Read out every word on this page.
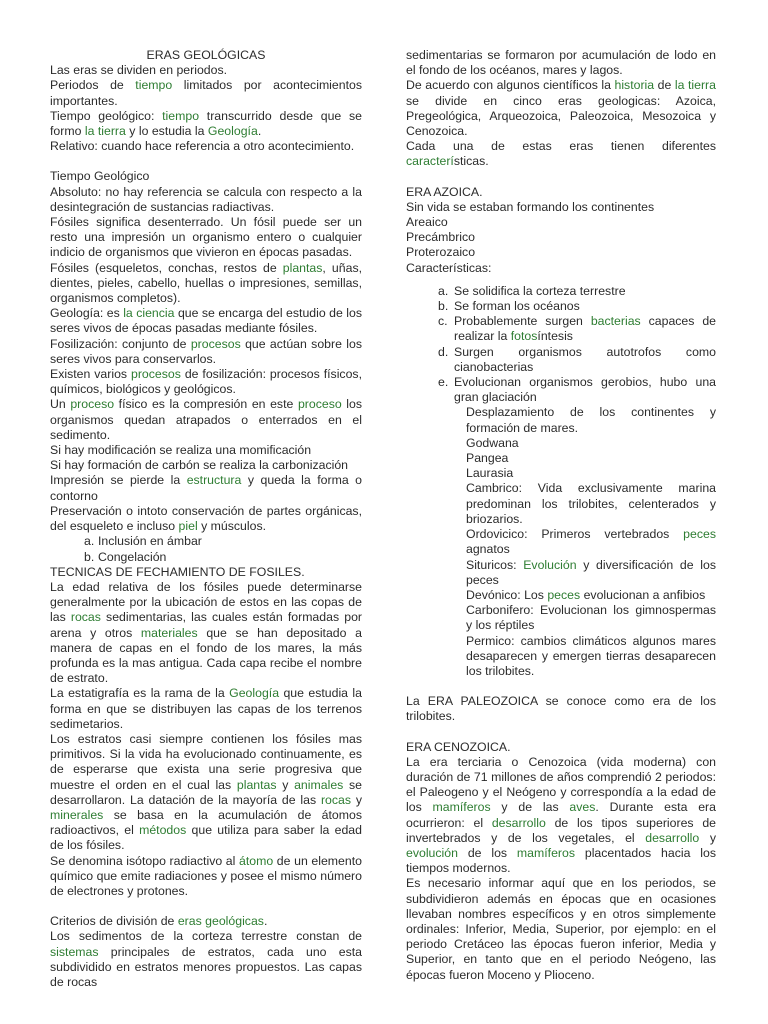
ERAS GEOLÓGICAS

Las eras se dividen en periodos.

Periodos de tiempo limitados por acontecimientos importantes.

Tiempo geológico: tiempo transcurrido desde que se formo la tierra y lo estudia la Geología.

Relativo: cuando hace referencia a otro acontecimiento.

Tiempo Geológico

Absoluto: no hay referencia se calcula con respecto a la desintegración de sustancias radiactivas.

Fósiles significa desenterrado. Un fósil puede ser un resto una impresión un organismo entero o cualquier indicio de organismos que vivieron en épocas pasadas.

Fósiles (esqueletos, conchas, restos de plantas, uñas, dientes, pieles, cabello, huellas o impresiones, semillas, organismos completos).

Geología: es la ciencia que se encarga del estudio de los seres vivos de épocas pasadas mediante fósiles.

Fosilización: conjunto de procesos que actúan sobre los seres vivos para conservarlos.

Existen varios procesos de fosilización: procesos físicos, químicos, biológicos y geológicos.

Un proceso físico es la compresión en este proceso los organismos quedan atrapados o enterrados en el sedimento.

Si hay modificación se realiza una momificación

Si hay formación de carbón se realiza la carbonización

Impresión se pierde la estructura y queda la forma o contorno

Preservación o intoto conservación de partes orgánicas, del esqueleto e incluso piel y músculos.

a. Inclusión en ámbar
b. Congelación

TECNICAS DE FECHAMIENTO DE FOSILES.

La edad relativa de los fósiles puede determinarse generalmente por la ubicación de estos en las copas de las rocas sedimentarias, las cuales están formadas por arena y otros materiales que se han depositado a manera de capas en el fondo de los mares, la más profunda es la mas antigua. Cada capa recibe el nombre de estrato.

La estatigrafía es la rama de la Geología que estudia la forma en que se distribuyen las capas de los terrenos sedimetarios.

Los estratos casi siempre contienen los fósiles mas primitivos. Si la vida ha evolucionado continuamente, es de esperarse que exista una serie progresiva que muestre el orden en el cual las plantas y animales se desarrollaron. La datación de la mayoría de las rocas y minerales se basa en la acumulación de átomos radioactivos, el métodos que utiliza para saber la edad de los fósiles.

Se denomina isótopo radiactivo al átomo de un elemento químico que emite radiaciones y posee el mismo número de electrones y protones.

Criterios de división de eras geológicas.

Los sedimentos de la corteza terrestre constan de sistemas principales de estratos, cada uno esta subdividido en estratos menores propuestos. Las capas de rocas

sedimentarias se formaron por acumulación de lodo en el fondo de los océanos, mares y lagos.

De acuerdo con algunos científicos la historia de la tierra se divide en cinco eras geologicas: Azoica, Pregeológica, Arqueozoica, Paleozoica, Mesozoica y Cenozoica.

Cada una de estas eras tienen diferentes características.

ERA AZOICA.

Sin vida se estaban formando los continentes

Areaico

Precámbrico

Proterozaico

Características:

a. Se solidifica la corteza terrestre
b. Se forman los océanos
c. Probablemente surgen bacterias capaces de realizar la fotosíntesis
d. Surgen organismos autotrofos como cianobacterias
e. Evolucionan organismos gerobios, hubo una gran glaciación

Desplazamiento de los continentes y formación de mares.

Godwana

Pangea

Laurasia

Cambrico: Vida exclusivamente marina predominan los trilobites, celenterados y briozarios.

Ordovicico: Primeros vertebrados peces agnatos

Situricos: Evolución y diversificación de los peces

Devónico: Los peces evolucionan a anfibios

Carbonifero: Evolucionan los gimnospermas y los réptiles

Permico: cambios climáticos algunos mares desaparecen y emergen tierras desaparecen los trilobites.

La ERA PALEOZOICA se conoce como era de los trilobites.

ERA CENOZOICA.

La era terciaria o Cenozoica (vida moderna) con duración de 71 millones de años comprendió 2 periodos: el Paleogeno y el Neógeno y correspondía a la edad de los mamíferos y de las aves. Durante esta era ocurrieron: el desarrollo de los tipos superiores de invertebrados y de los vegetales, el desarrollo y evolución de los mamíferos placentados hacia los tiempos modernos.

Es necesario informar aquí que en los periodos, se subdividieron además en épocas que en ocasiones llevaban nombres específicos y en otros simplemente ordinales: Inferior, Media, Superior, por ejemplo: en el periodo Cretáceo las épocas fueron inferior, Media y Superior, en tanto que en el periodo Neógeno, las épocas fueron Moceno y Plioceno.
